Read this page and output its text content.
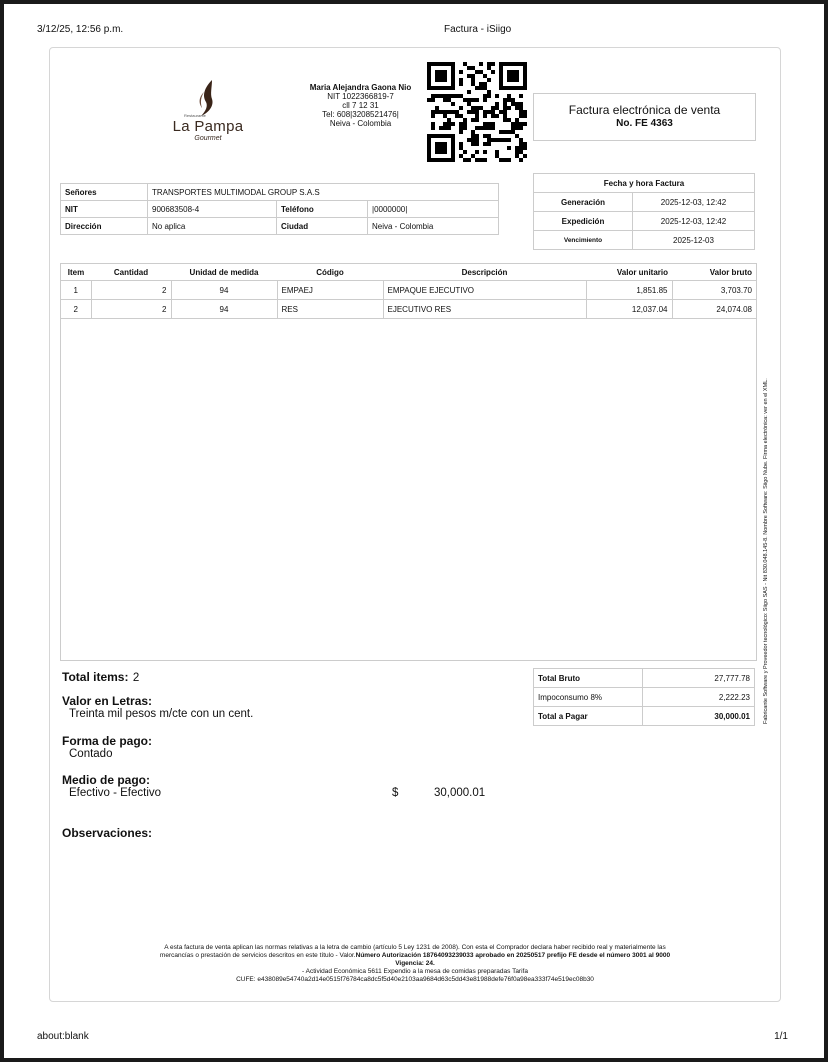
3/12/25, 12:56 p.m.	Factura - iSiigo
Restaurante
La Pampa
Gourmet
Maria Alejandra Gaona Nio
NIT 1022366819-7
cll 7 12 31
Tel: 608|3208521476|
Neiva - Colombia
Factura electrónica de venta
No. FE 4363
Señores	TRANSPORTES MULTIMODAL GROUP S.A.S		
NIT	900683508-4	Teléfono	|0000000|
Dirección	No aplica	Ciudad	Neiva - Colombia
Fecha y hora Factura	
Generación	2025-12-03, 12:42
Expedición	2025-12-03, 12:42
Vencimiento	2025-12-03
Item	Cantidad	Unidad de medida	Código	Descripción	Valor unitario	Valor bruto
1	2	94	EMPAEJ	EMPAQUE EJECUTIVO	1,851.85	3,703.70
2	2	94	RES	EJECUTIVO RES	12,037.04	24,074.08
Total items: 2
Valor en Letras:
Treinta mil pesos m/cte con un cent.
Forma de pago:
Contado
Medio de pago:
Efectivo - Efectivo	$	30,000.01
Observaciones:
Total Bruto	27,777.78
Impoconsumo 8%	2,222.23
Total a Pagar	30,000.01
A esta factura de venta aplican las normas relativas a la letra de cambio (artículo 5 Ley 1231 de 2008). Con esta el Comprador declara haber recibido real y materialmente las
mercancías o prestación de servicios descritos en este título - Valor.Número Autorización 18764093239033 aprobado en 20250517 prefijo FE desde el número 3001 al 9000
Vigencia: 24.
- Actividad Económica 5611 Expendio a la mesa de comidas preparadas Tarifa
CUFE: e438089e54740a2d14e0515f76784ca8dc5f5d40e2103aa9684d63c5dd43e81988defe76f0a98ea333f74e519ec08b30
Fabricante Software y Proveedor tecnológico: Siigo SAS - Nit 830.048.145-8. Nombre Software: Siigo Nube. Firma electrónica: ver en el XML.
about:blank	1/1
